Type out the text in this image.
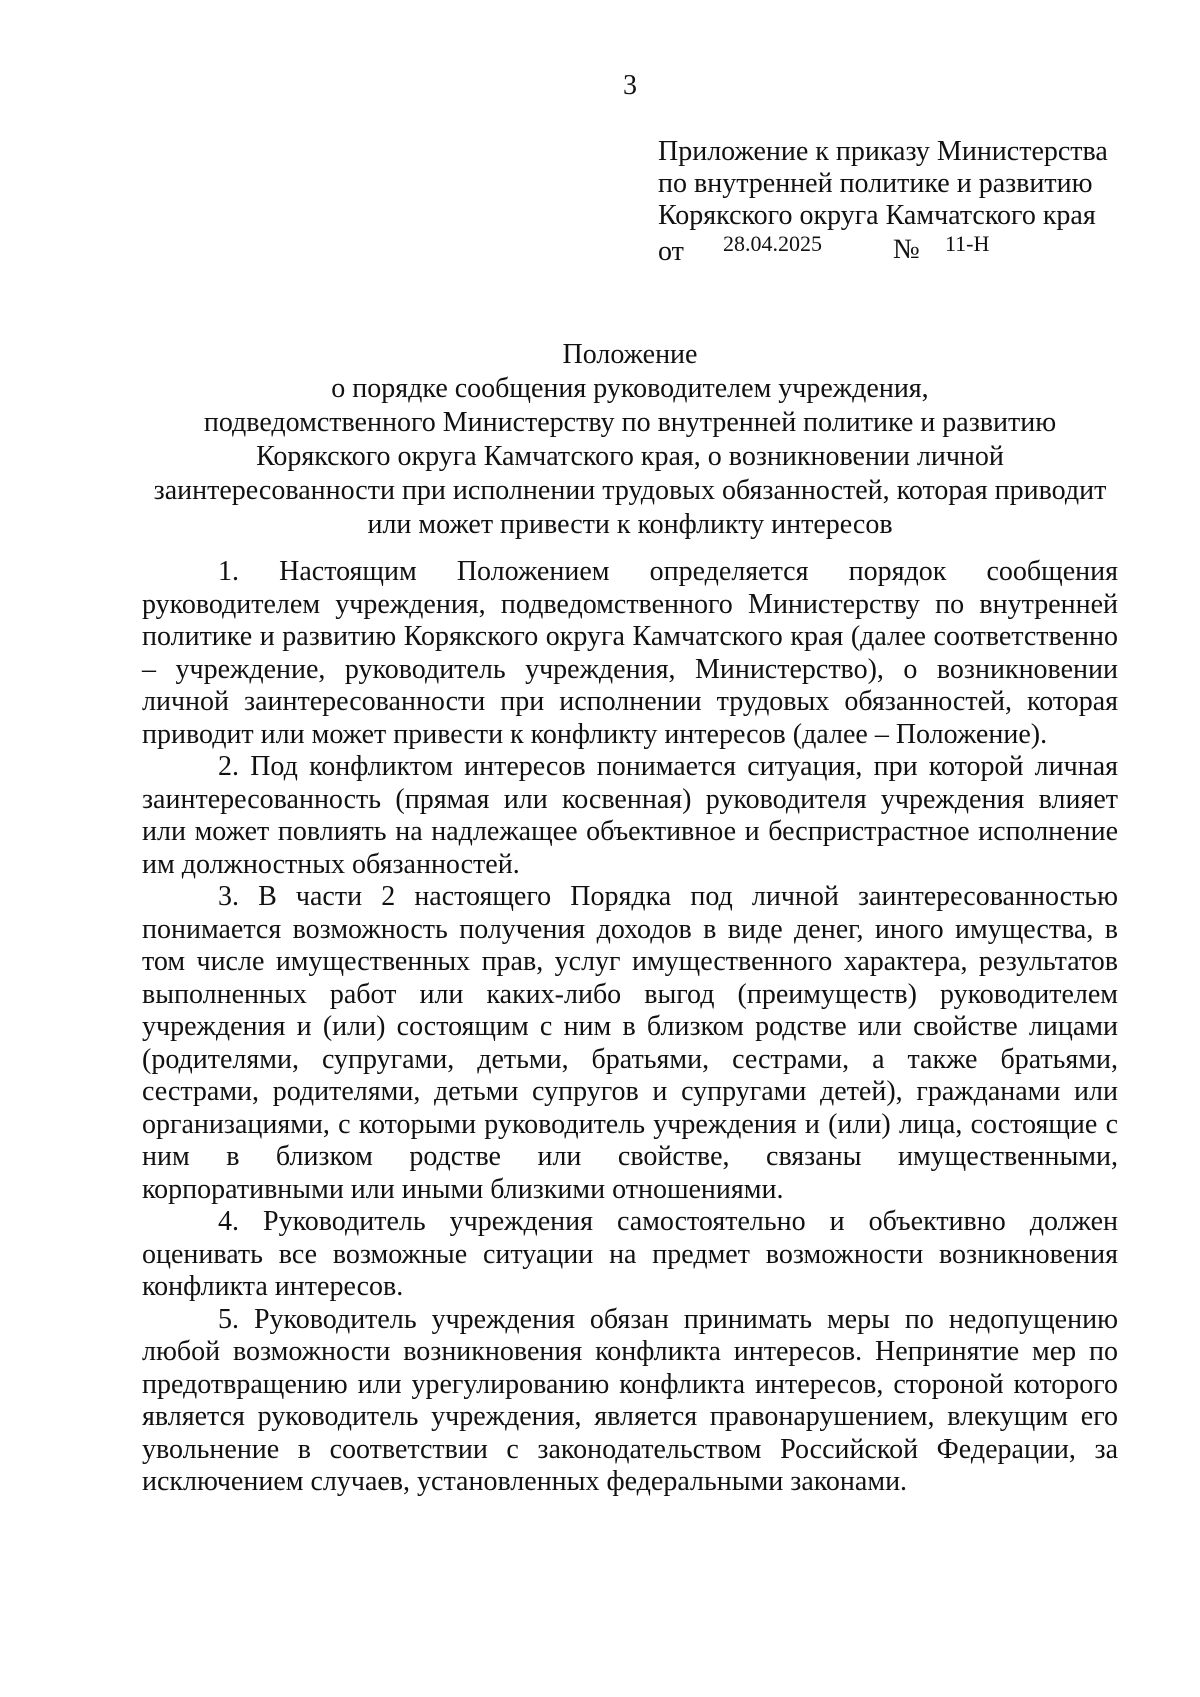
3
Приложение к приказу Министерства
по внутренней политике и развитию
Корякского округа Камчатского края
от 28.04.2025	№ 11-Н
Положение
о порядке сообщения руководителем учреждения,
подведомственного Министерству по внутренней политике и развитию
Корякского округа Камчатского края, о возникновении личной
заинтересованности при исполнении трудовых обязанностей, которая приводит
или может привести к конфликту интересов

1. Настоящим Положением определяется порядок сообщения руководителем учреждения, подведомственного Министерству по внутренней политике и развитию Корякского округа Камчатского края (далее соответственно – учреждение, руководитель учреждения, Министерство), о возникновении личной заинтересованности при исполнении трудовых обязанностей, которая приводит или может привести к конфликту интересов (далее – Положение).

2. Под конфликтом интересов понимается ситуация, при которой личная заинтересованность (прямая или косвенная) руководителя учреждения влияет или может повлиять на надлежащее объективное и беспристрастное исполнение им должностных обязанностей.

3. В части 2 настоящего Порядка под личной заинтересованностью понимается возможность получения доходов в виде денег, иного имущества, в том числе имущественных прав, услуг имущественного характера, результатов выполненных работ или каких-либо выгод (преимуществ) руководителем учреждения и (или) состоящим с ним в близком родстве или свойстве лицами (родителями, супругами, детьми, братьями, сестрами, а также братьями, сестрами, родителями, детьми супругов и супругами детей), гражданами или организациями, с которыми руководитель учреждения и (или) лица, состоящие с ним в близком родстве или свойстве, связаны имущественными, корпоративными или иными близкими отношениями.

4. Руководитель учреждения самостоятельно и объективно должен оценивать все возможные ситуации на предмет возможности возникновения конфликта интересов.

5. Руководитель учреждения обязан принимать меры по недопущению любой возможности возникновения конфликта интересов. Непринятие мер по предотвращению или урегулированию конфликта интересов, стороной которого является руководитель учреждения, является правонарушением, влекущим его увольнение в соответствии с законодательством Российской Федерации, за исключением случаев, установленных федеральными законами.
